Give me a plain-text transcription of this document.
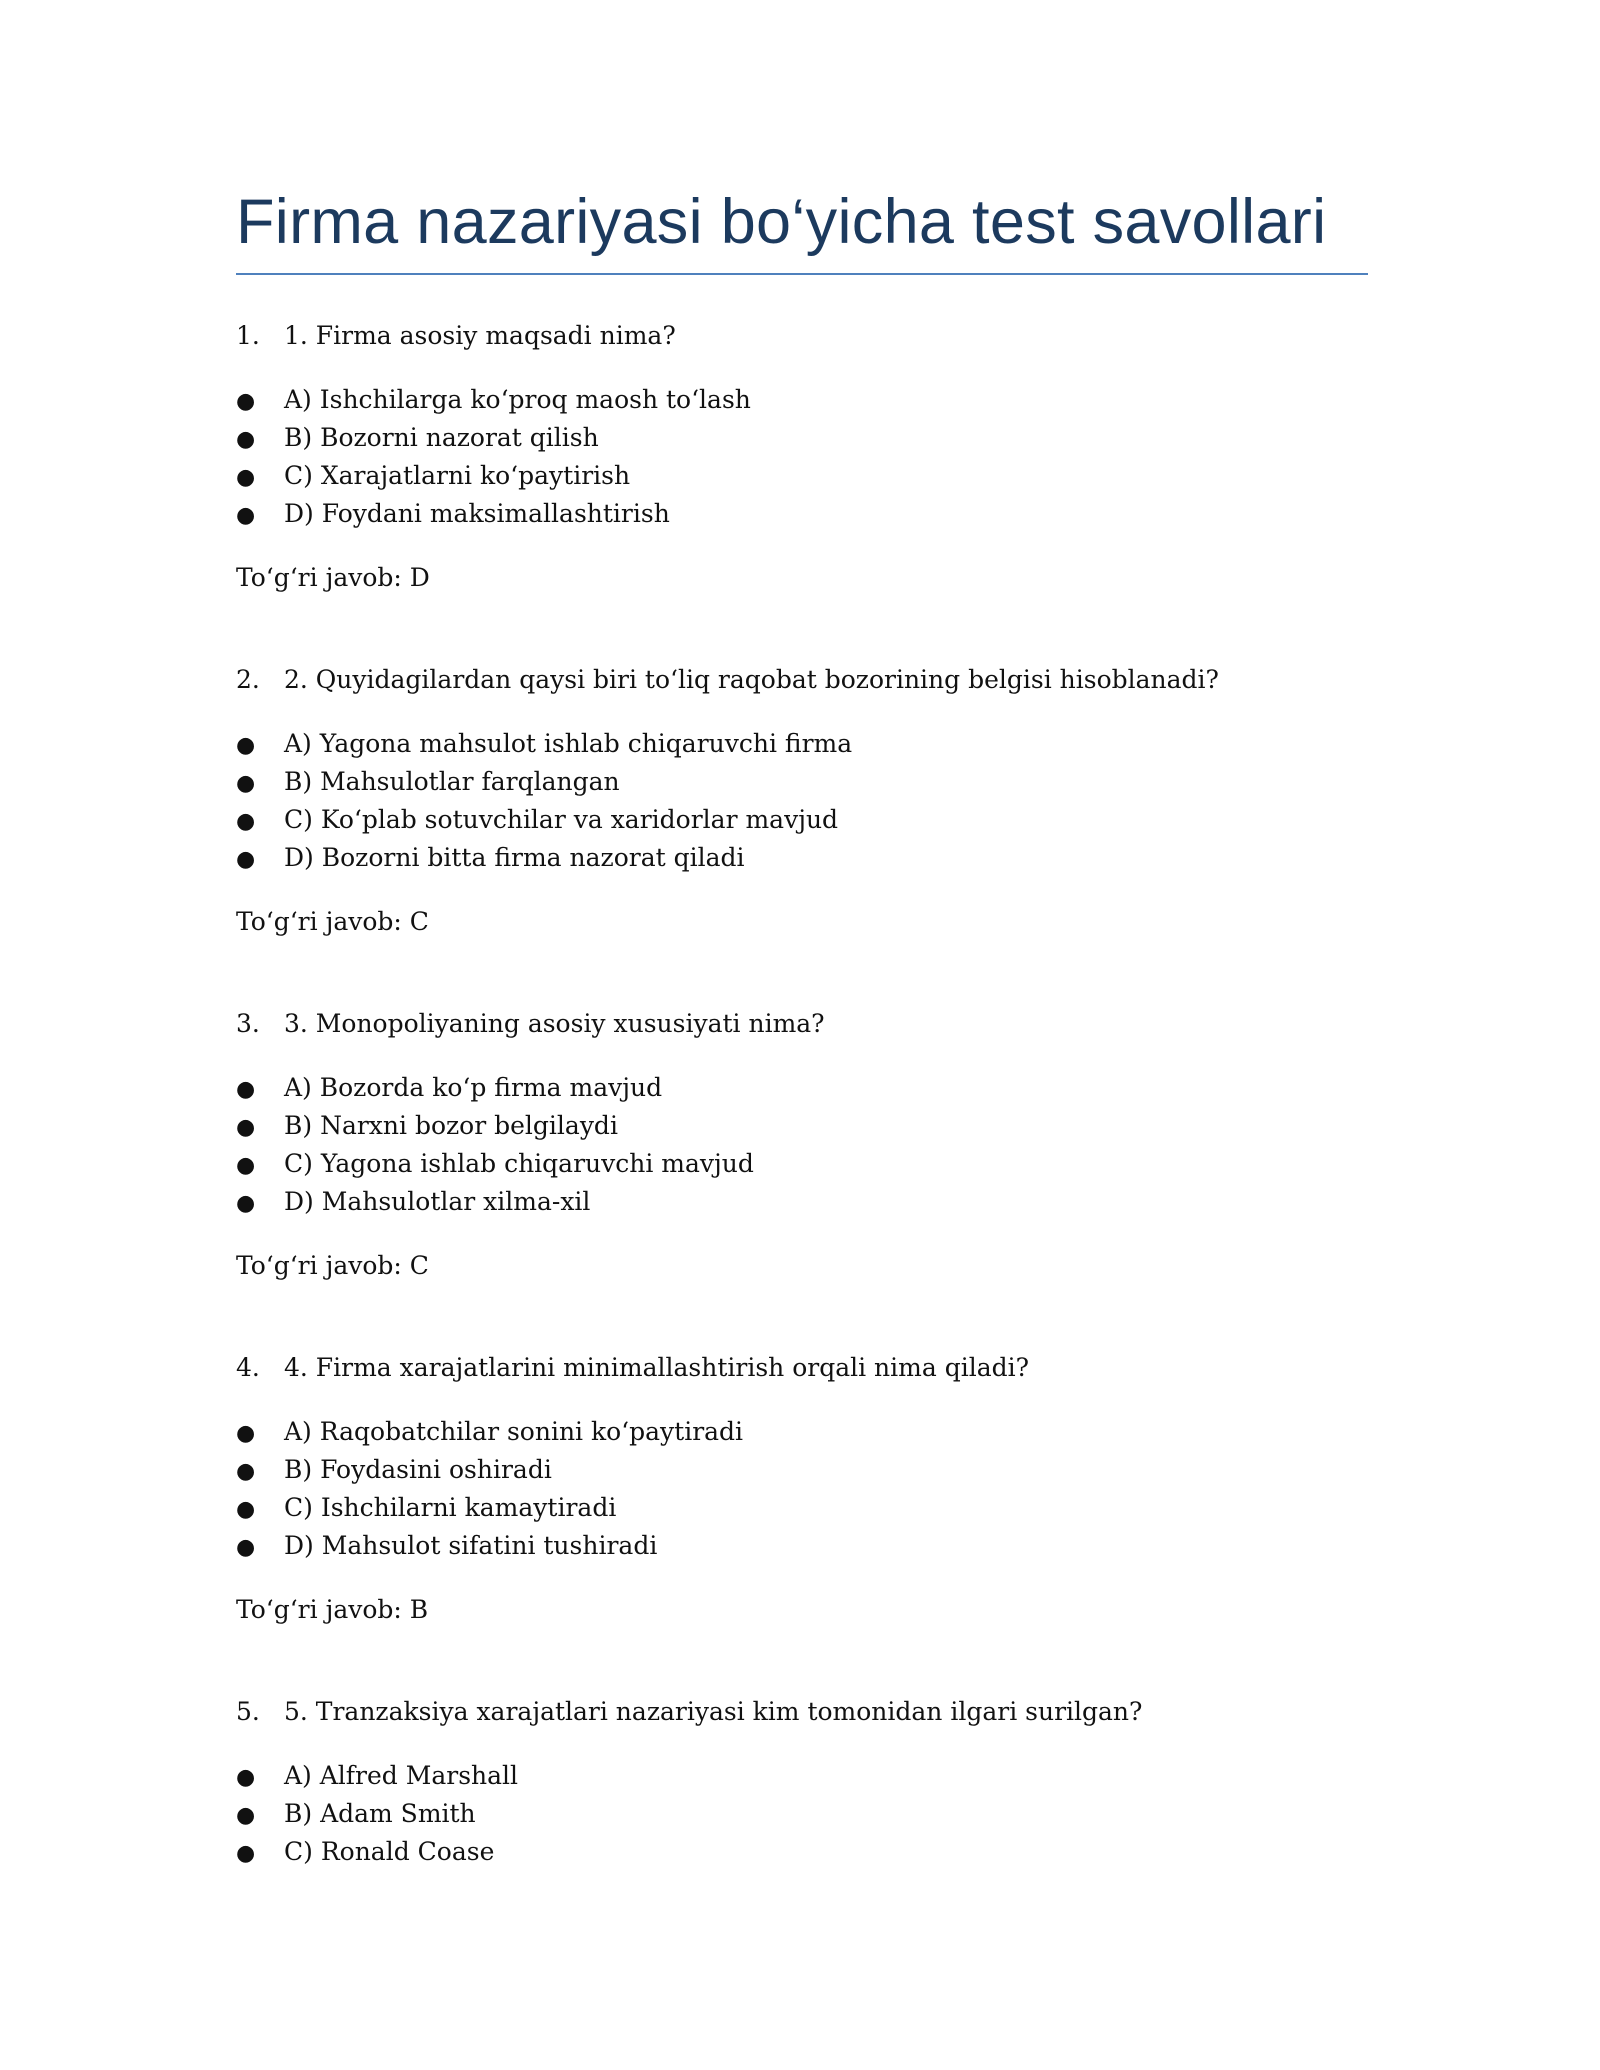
Firma nazariyasi bo‘yicha test savollari
1. 1. Firma asosiy maqsadi nima?
●	A) Ishchilarga ko‘proq maosh to‘lash
●	B) Bozorni nazorat qilish
●	C) Xarajatlarni ko‘paytirish
●	D) Foydani maksimallashtirish
To‘g‘ri javob: D
2. 2. Quyidagilardan qaysi biri to‘liq raqobat bozorining belgisi hisoblanadi?
●	A) Yagona mahsulot ishlab chiqaruvchi firma
●	B) Mahsulotlar farqlangan
●	C) Ko‘plab sotuvchilar va xaridorlar mavjud
●	D) Bozorni bitta firma nazorat qiladi
To‘g‘ri javob: C
3. 3. Monopoliyaning asosiy xususiyati nima?
●	A) Bozorda ko‘p firma mavjud
●	B) Narxni bozor belgilaydi
●	C) Yagona ishlab chiqaruvchi mavjud
●	D) Mahsulotlar xilma-xil
To‘g‘ri javob: C
4. 4. Firma xarajatlarini minimallashtirish orqali nima qiladi?
●	A) Raqobatchilar sonini ko‘paytiradi
●	B) Foydasini oshiradi
●	C) Ishchilarni kamaytiradi
●	D) Mahsulot sifatini tushiradi
To‘g‘ri javob: B
5. 5. Tranzaksiya xarajatlari nazariyasi kim tomonidan ilgari surilgan?
●	A) Alfred Marshall
●	B) Adam Smith
●	C) Ronald Coase
